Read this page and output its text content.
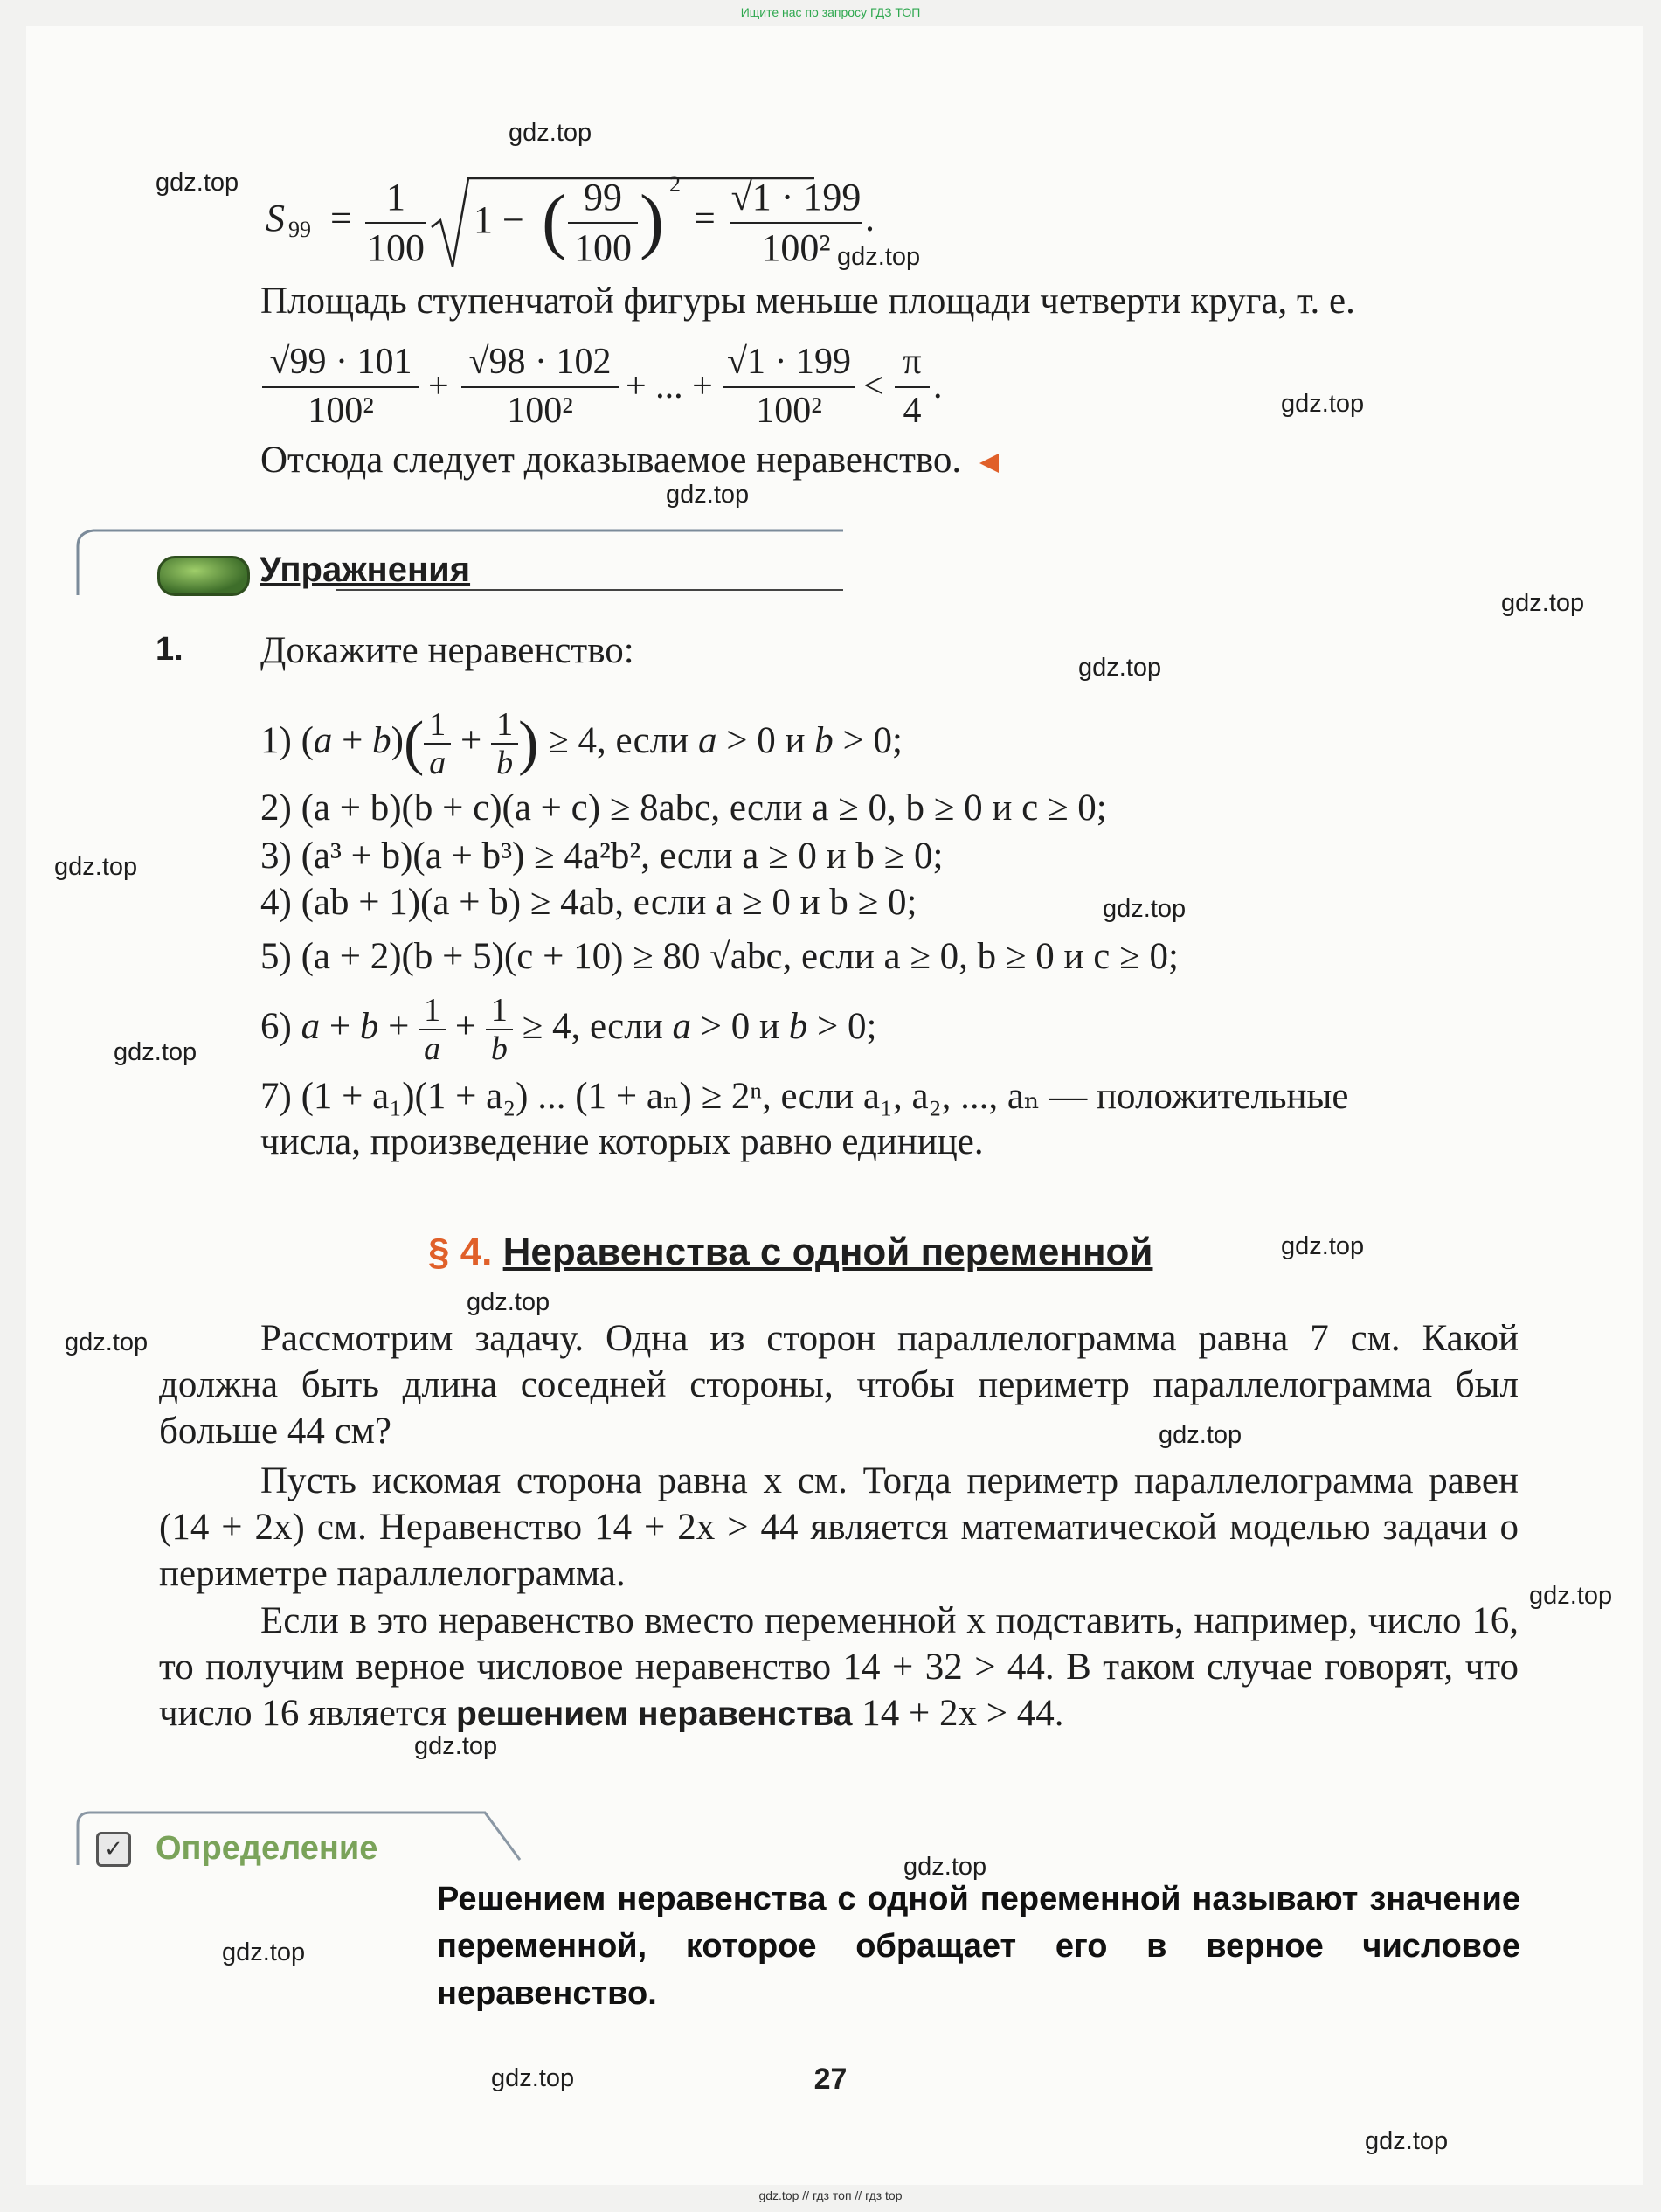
Ищите нас по запросу ГДЗ ТОП
S 99 = 1
100
1 − ( 99
100 ) 2
= √1 · 199
100²
.
Площадь ступенчатой фигуры меньше площади четверти круга, т. е.
√99 · 101
100²
+
√98 · 102
100²
+ ... +
√1 · 199
100²
<
π
4
.
Отсюда следует доказываемое неравенство.
Упражнения
1. Докажите неравенство:
1) $(a + b)( \frac{1}{a} + \frac{1}{b}$ ) ≥ 4, если a > 0 и b > 0;
2) (a + b)(b + c)(a + c) ≥ 8abc, если a ≥ 0, b ≥ 0 и c ≥ 0;
3) (a³ + b)(a + b³) ≥ 4a²b², если a ≥ 0 и b ≥ 0;
4) (ab + 1)(a + b) ≥ 4ab, если a ≥ 0 и b ≥ 0;
5) (a + 2)(b + 5)(c + 10) ≥ 80 √abc, если a ≥ 0, b ≥ 0 и c ≥ 0;
6) $a + b + \frac{1}{a} + \frac{1}{b} \ge 4$, если a > 0 и b > 0;
7) (1 + a₁)(1 + a₂) ... (1 + aₙ) ≥ 2ⁿ, если a₁, a₂, ..., aₙ — положительные
числа, произведение которых равно единице.
§ 4. Неравенства с одной переменной
Рассмотрим задачу. Одна из сторон параллелограмма равна 7 см. Какой должна быть длина соседней стороны, чтобы периметр параллелограмма был больше 44 см?
Пусть искомая сторона равна x см. Тогда периметр параллелограмма равен (14 + 2x) см. Неравенство 14 + 2x > 44 является математической моделью задачи о периметре параллелограмма.
Если в это неравенство вместо переменной x подставить, например, число 16, то получим верное числовое неравенство 14 + 32 > 44. В таком случае говорят, что число 16 является решением неравенства 14 + 2x > 44.
✓ Определение
Решением неравенства с одной переменной называют значение переменной, которое обращает его в верное числовое неравенство.
27
gdz.top
gdz.top
gdz.top
gdz.top
gdz.top
gdz.top
gdz.top
gdz.top
gdz.top
gdz.top
gdz.top
gdz.top
gdz.top
gdz.top
gdz.top
gdz.top
gdz.top
gdz.top
gdz.top
gdz.top
gdz.top // гдз топ // гдз top
